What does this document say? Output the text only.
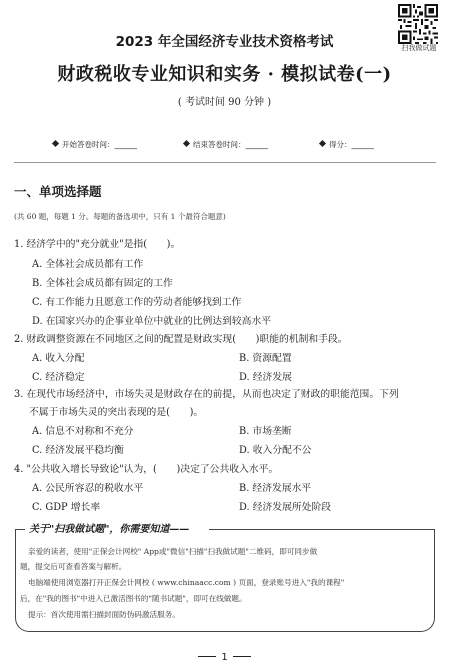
扫我做试题
2023 年全国经济专业技术资格考试
财政税收专业知识和实务 · 模拟试卷(一)
( 考试时间 90 分钟 )
开始答卷时间：______	结束答卷时间：______	得分：______
一、单项选择题
(共 60 题，每题 1 分。每题的备选项中，只有 1 个最符合题意)
1. 经济学中的"充分就业"是指(　　)。
A. 全体社会成员都有工作
B. 全体社会成员都有固定的工作
C. 有工作能力且愿意工作的劳动者能够找到工作
D. 在国家兴办的企事业单位中就业的比例达到较高水平
2. 财政调整资源在不同地区之间的配置是财政实现(　　)职能的机制和手段。
A. 收入分配	B. 资源配置
C. 经济稳定	D. 经济发展
3. 在现代市场经济中，市场失灵是财政存在的前提，从而也决定了财政的职能范围。下列
不属于市场失灵的突出表现的是(　　)。
A. 信息不对称和不充分	B. 市场垄断
C. 经济发展平稳均衡	D. 收入分配不公
4. "公共收入增长导致论"认为，(　　)决定了公共收入水平。
A. 公民所容忍的税收水平	B. 经济发展水平
C. GDP 增长率	D. 经济发展所处阶段
关于"扫我做试题"，你需要知道——
亲爱的读者，使用"正保会计网校" App或"微信"扫描"扫我做试题"二维码，即可同步做
题，提交后可查看答案与解析。
电脑端使用浏览器打开正保会计网校 ( www.chinaacc.com ) 页面，登录账号进入"我的课程"
后，在"我的图书"中进入已激活图书的"随书试题"，即可在线做题。
提示：首次使用需扫描封面防伪码激活服务。
1
